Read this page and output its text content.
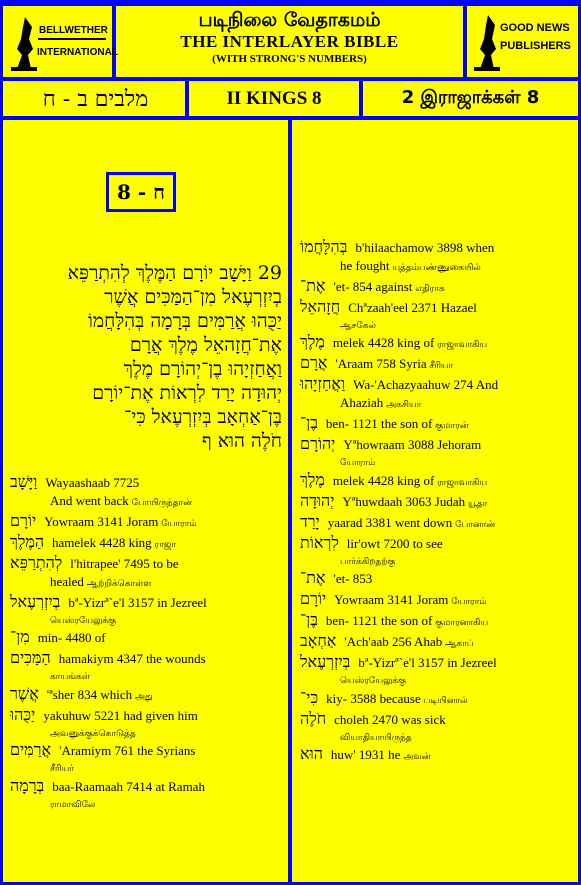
BELLWETHER
INTERNATIONAL
GOOD NEWS
PUBLISHERS
படிநிலை வேதாகமம்
THE INTERLAYER BIBLE
(WITH STRONG'S NUMBERS)
מלבים ב - ח	II KINGS 8	2 இராஜாக்கள் 8
ח - 8
29 וַיָּשָׁב יוֹרָם הַמֶּלֶךְ לְהִתְרַפֵּא
בְיִזְרְעֶאל מִן־הַמַּכִּים אֲשֶׁר
יַכֻּהוּ אֲרַמִּים בְּרָמָה בְּהִלָּחֲמוֹ
אֶת־חֲזָהאֵל מֶלֶךְ אֲרָם
וַאֲחַזְיָהוּ בֶן־יְהוֹרָם מֶלֶךְ
יְהוּדָה יָרַד לִרְאוֹת אֶת־יוֹרָם
בֶּן־אַחְאָב בְּיִזְרְעֶאל כִּי־
חֹלֶה הוּא ף
וַיָּשָׁב Wayaashaab 7725
And went back போயிருந்தான்
יוֹרָם Yowraam 3141 Joram யோராம்
הַמֶּלֶךְ hamelek 4428 king ராஜா
לְהִתְרַפֵּא l'hitrapee' 7495 to be
healed ஆற்றிக்கொள்ள
בְיִזְרְעֶאל bª-Yizrª`e'l 3157 in Jezreel
யெஸ்ரயேலுக்கு
מִן־ min- 4480 of
הַמַּכִּים hamakiym 4347 the wounds
காயங்கள்
אֲשֶׁר 'ªsher 834 which அது
יַכֻּהוּ yakuhuw 5221 had given him
அவனுக்குக்கொடுத்த
אֲרַמִּים 'Aramiym 761 the Syrians
சீரியர்
בְּרָמָה baa-Raamaah 7414 at Ramah
ராமாவிலே
בְּהִלָּחֲמוֹ b'hilaachamow 3898 when
he fought யுத்தம்பண்ணுகையில்
אֶת־ 'et- 854 against எதிராக
חֲזָהאֵל Chªzaah'eel 2371 Hazael
ஆசகேல்
מֶלֶךְ melek 4428 king of ராஜாவாகிய
אֲרָם 'Araam 758 Syria சீரியா
וַאֲחַזְיָהוּ Wa-'Achazyaahuw 274 And
Ahaziah அகசியா
בֶן־ ben- 1121 the son of குமாரன்
יְהוֹרָם Yªhowraam 3088 Jehoram
யோராம்
מֶלֶךְ melek 4428 king of ராஜாவாகிய
יְהוּדָה Yªhuwdaah 3063 Judah யூதா
יָרַד yaarad 3381 went down போனான்
לִרְאוֹת lir'owt 7200 to see
பார்க்கிறதற்கு
אֶת־ 'et- 853
יוֹרָם Yowraam 3141 Joram யோராம்
בֶּן־ ben- 1121 the son of குமாரனாகிய
אַחְאָב 'Ach'aab 256 Ahab ஆகாப்
בְּיִזְרְעֶאל bª-Yizrª`e'l 3157 in Jezreel
யெஸ்ரயேலுக்கு
כִּי־ kiy- 3588 because படியினால்
חֹלֶה choleh 2470 was sick
வியாதியாயிருந்த
הוּא huw' 1931 he அவன்
